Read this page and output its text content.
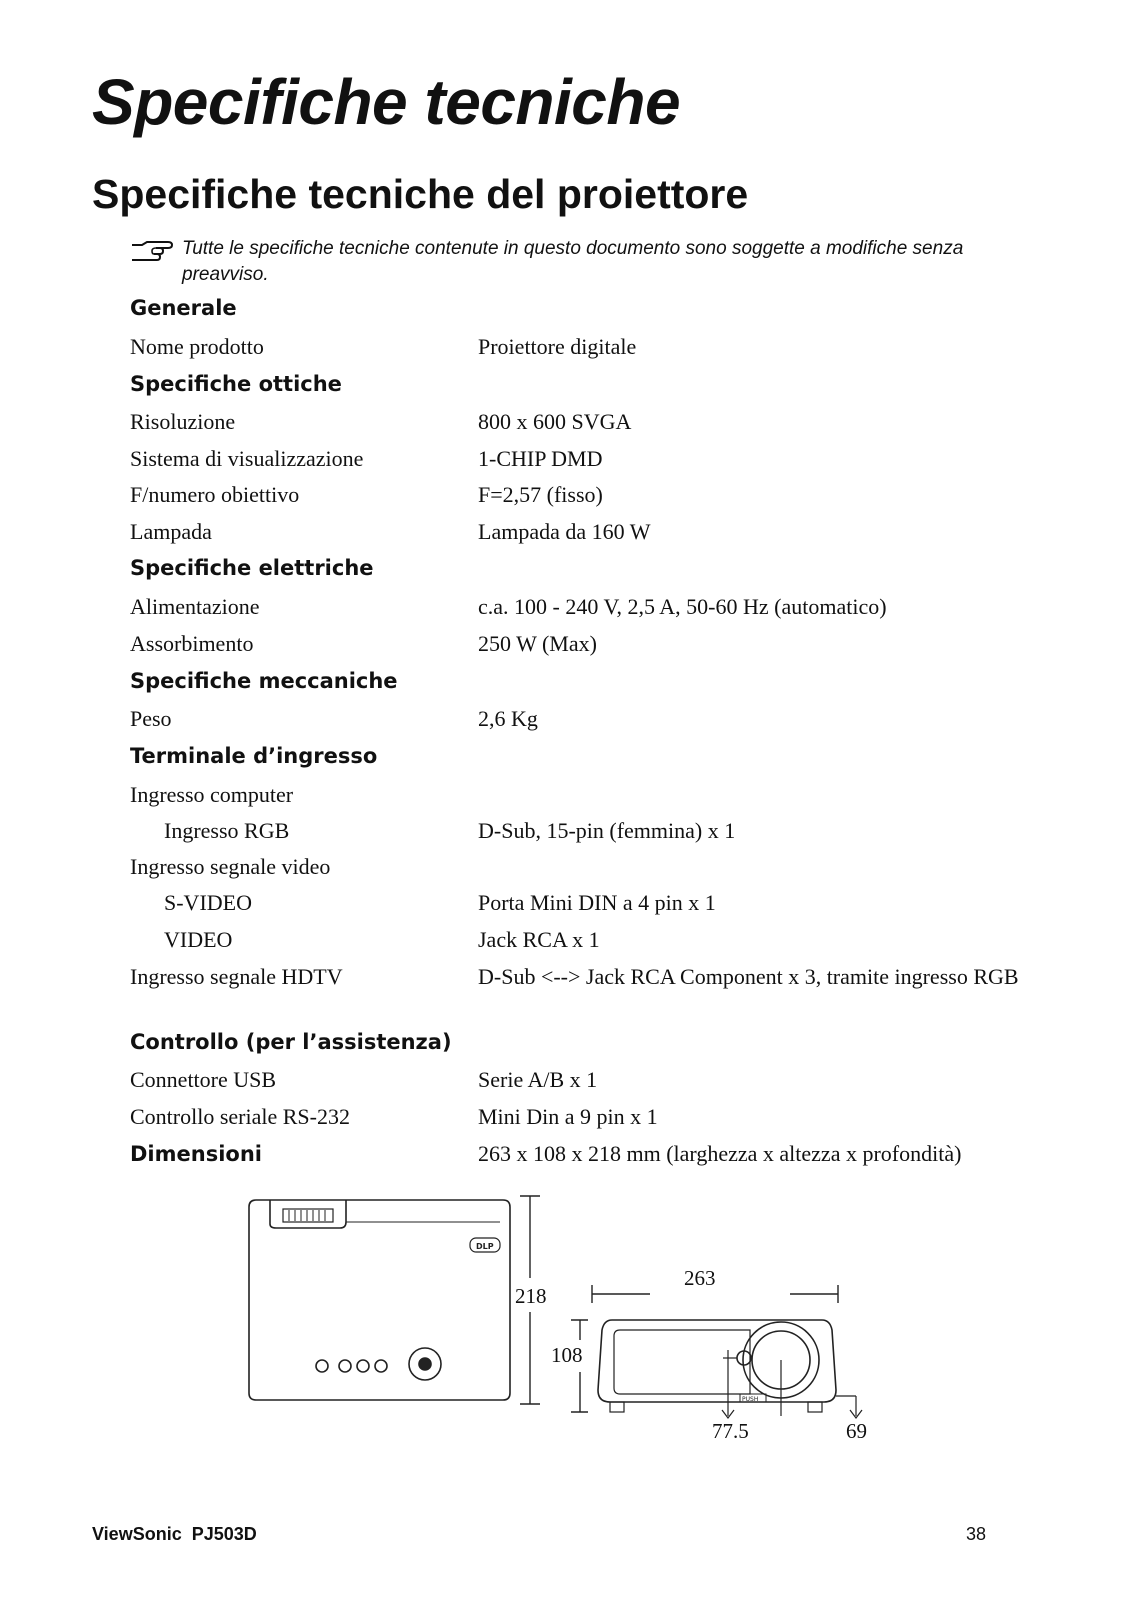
Specifiche tecniche
Specifiche tecniche del proiettore
Tutte le specifiche tecniche contenute in questo documento sono soggette a modifiche senza preavviso.
Generale
Nome prodotto	Proiettore digitale
Specifiche ottiche
Risoluzione	800 x 600 SVGA
Sistema di visualizzazione	1-CHIP DMD
F/numero obiettivo	F=2,57 (fisso)
Lampada	Lampada da 160 W
Specifiche elettriche
Alimentazione	c.a. 100 - 240 V, 2,5 A, 50-60 Hz (automatico)
Assorbimento	250 W (Max)
Specifiche meccaniche
Peso	2,6 Kg
Terminale d’ingresso
Ingresso computer
Ingresso RGB	D-Sub, 15-pin (femmina) x 1
Ingresso segnale video
S-VIDEO	Porta Mini DIN a 4 pin x 1
VIDEO	Jack RCA x 1
Ingresso segnale HDTV	D-Sub <--> Jack RCA Component x 3, tramite ingresso RGB
Controllo (per l’assistenza)
Connettore USB	Serie A/B x 1
Controllo seriale RS-232	Mini Din a 9 pin x 1
Dimensioni	263 x 108 x 218 mm (larghezza x altezza x profondità)
DLP
218
263
108
PUSH
77.5	69
ViewSonic  PJ503D	38
